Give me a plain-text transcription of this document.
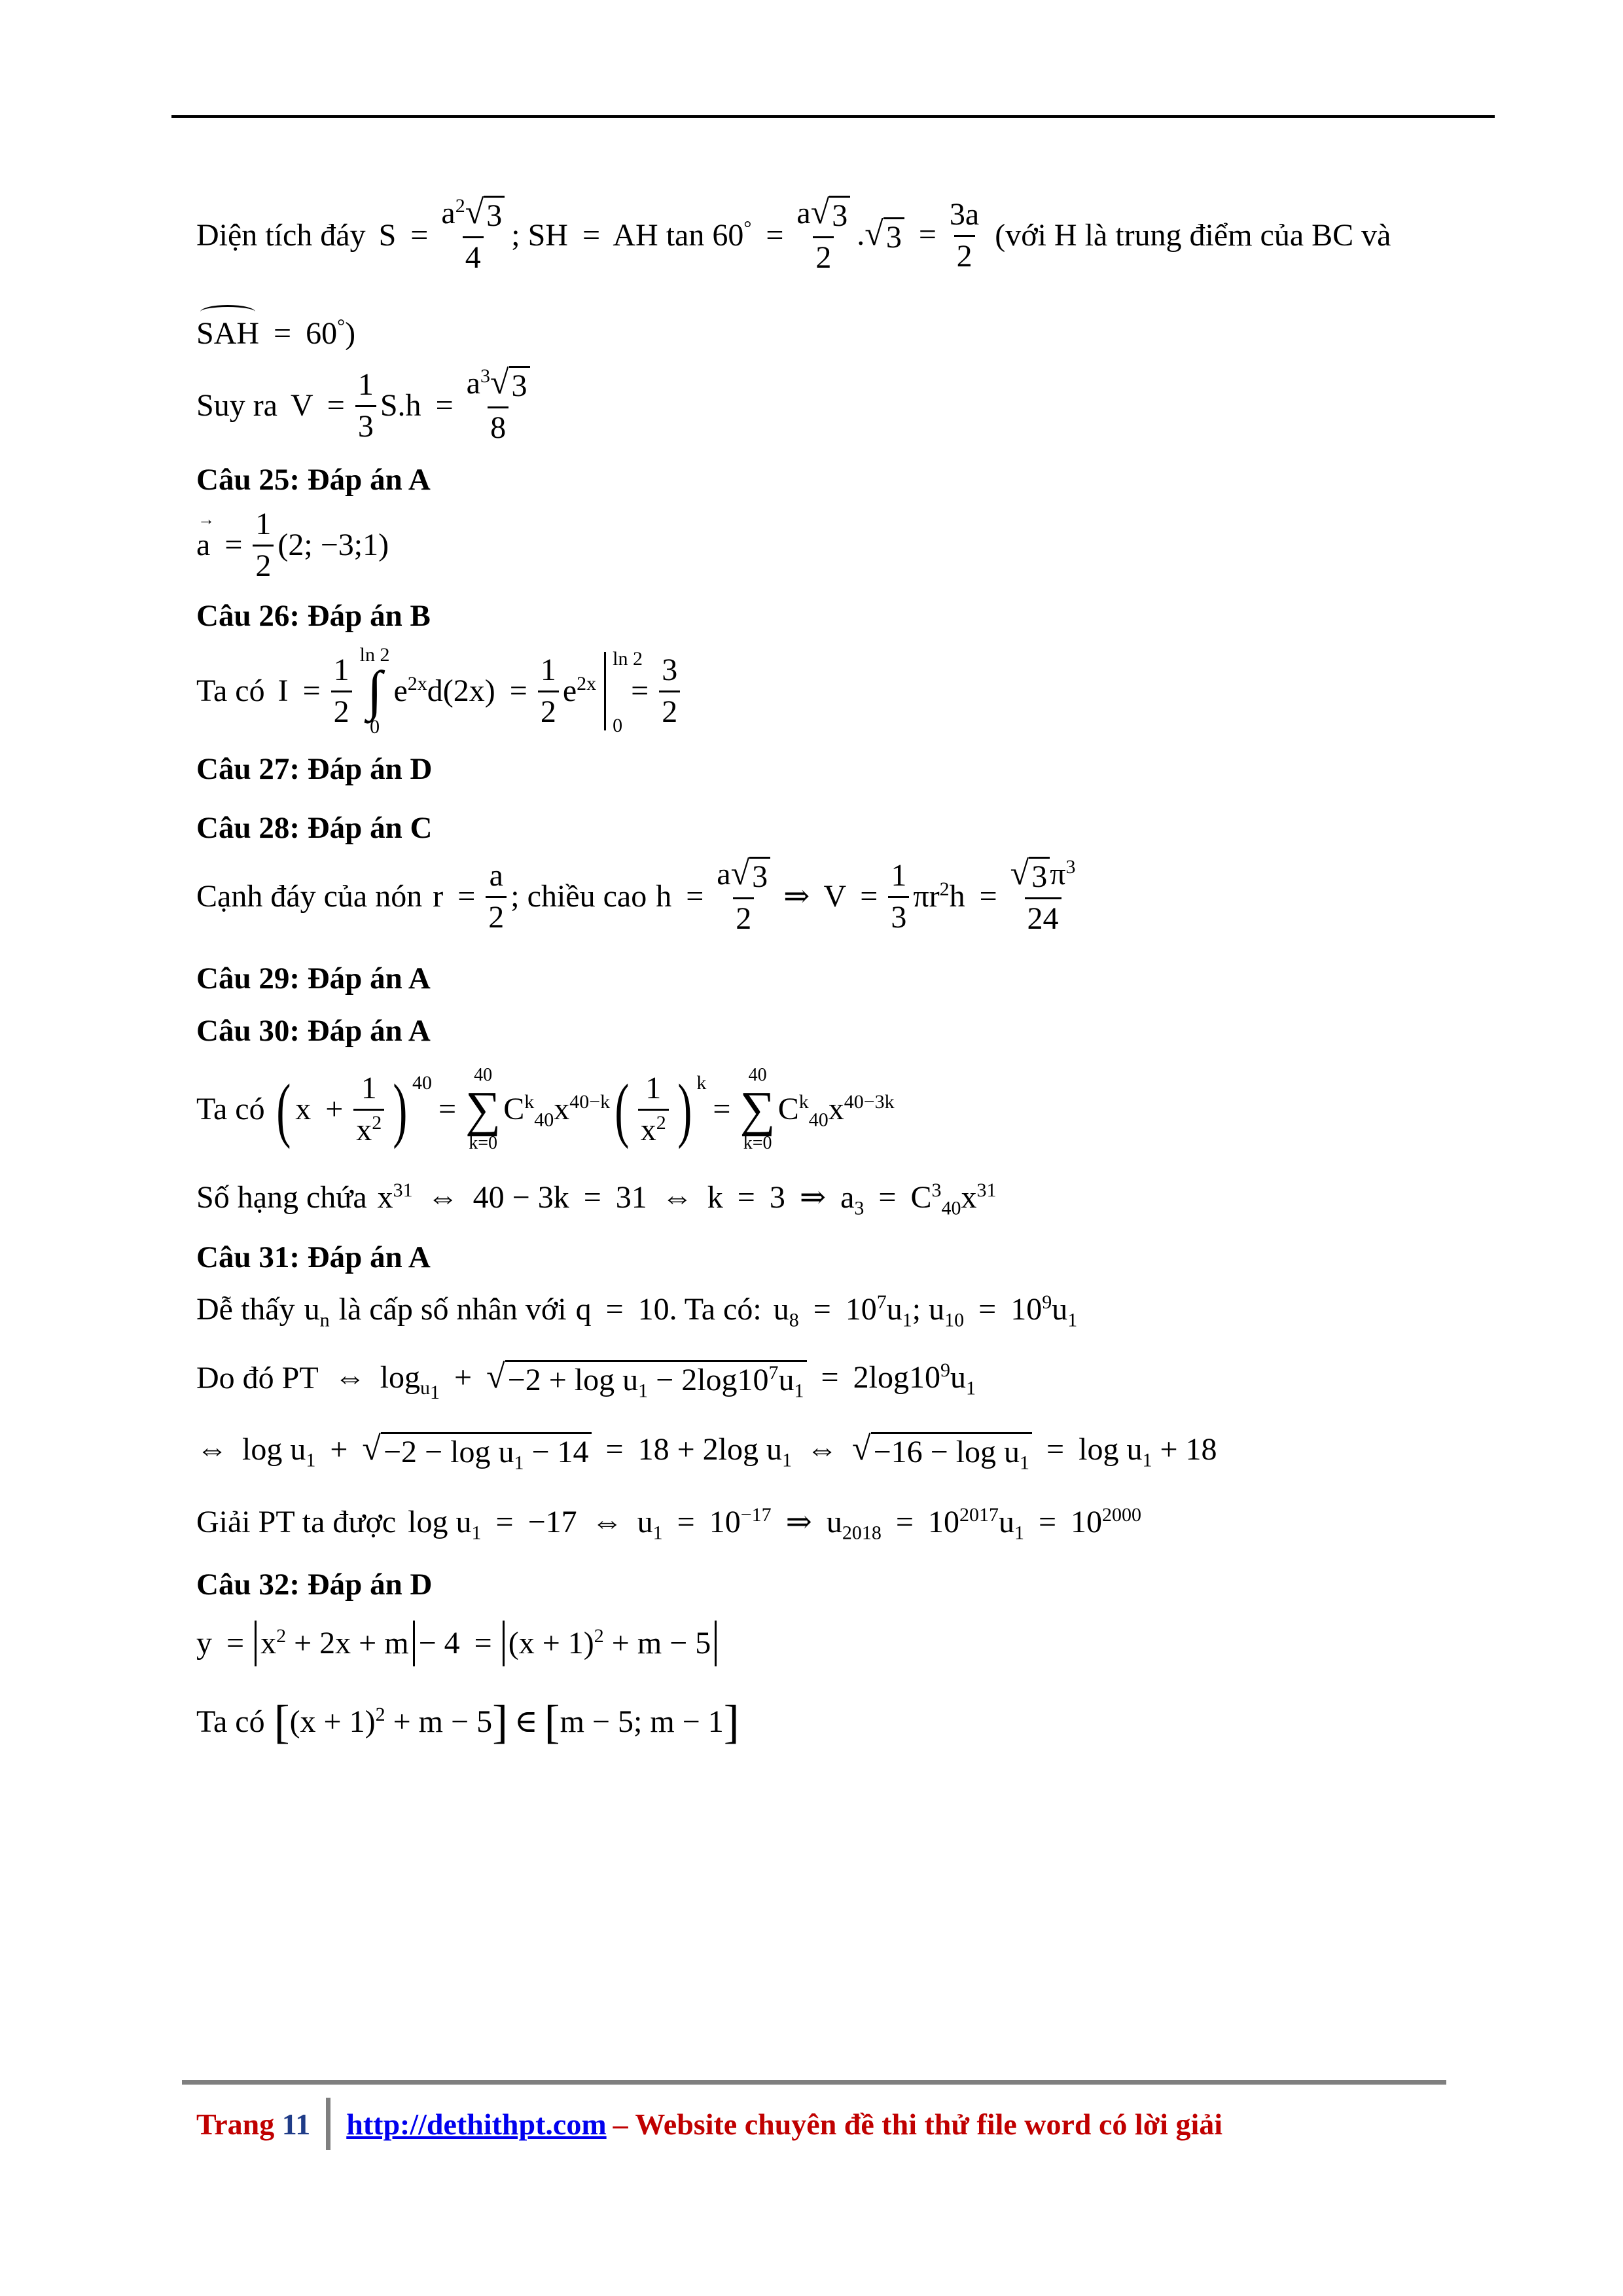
Diện tích đáy $S = \frac{a^2 √ 3}{4}$ ; SH = AH $\tan 60^\circ = \frac{a √ 3}{2}$ . √ $3 = \frac{3a}{2}$ (với H là trung điểm của BC và
SAH = 60° )
Suy ra $V = \frac{1}{3} S.h = \frac{a^3 √ 3}{8}$
Câu 25: Đáp án A
→ $a = \frac{1}{2} (2$; −3;1)
Câu 26: Đáp án B
Ta có $I = \frac{1}{2}$ ln 2
∫
0
$e^{2x}d(2x) = \frac{1}{2} e^{2x}$
ln 2
0
= $\frac{3}{2}$
Câu 27: Đáp án D
Câu 28: Đáp án C
Cạnh đáy của nón $r = \frac{a}{2}$ ; chiều cao $h = \frac{a √ 3}{2}$ ⇒ $V = \frac{1}{3} \pi r^2h = \frac{√ 3 \pi^3}{24}$
Câu 29: Đáp án A
Câu 30: Đáp án A
Ta có ( $x + \frac{1}{x^2}$ ) 40
=
40
∑
k=0
$C^k_{40}x^{40-k}$ ( $\frac{1}{x^2}$ ) k
=
40
∑
k=0
$C^k_{40}x^{40-3k}$
Số hạng chứa $x^{31}$ ⇔ 40 − 3k = 31 ⇔ k = 3 ⇒ $a_3 = C^3_{40}x^{31}$
Câu 31: Đáp án A
Dễ thấy $u_n$ là cấp số nhân với q = 10 . Ta có: $u_8 = 10^7u_1$; $u_{10} = 10^9u_1$
Do đó PT ⇔ $\log_{u_1}$ + √ $-2 + \log u_1 - 2\log 10^7u_1 = 2\log 10^9u_1$
⇔ $\log u_1$ + √ $-2 - \log u_1 - 14 = 18 + 2\log$ $u_1$ ⇔ √ $-16 - \log u_1 = \log u_1 + 18$
Giải PT ta được $\log u_1 = -17$ ⇔ $u_1 = 10^{-17}$ ⇒ $u_{2018} = 10^{2017}u_1 = 10^{2000}$
Câu 32: Đáp án D
$y = x^2 + 2x + m - 4 = (x + 1)^2 + m - 5$
Ta có [ $(x + 1)^2 + m - 5$ ] ∈ [ m − 5; m − 1 ]
Trang 11 http://dethithpt.com – Website chuyên đề thi thử file word có lời giải
